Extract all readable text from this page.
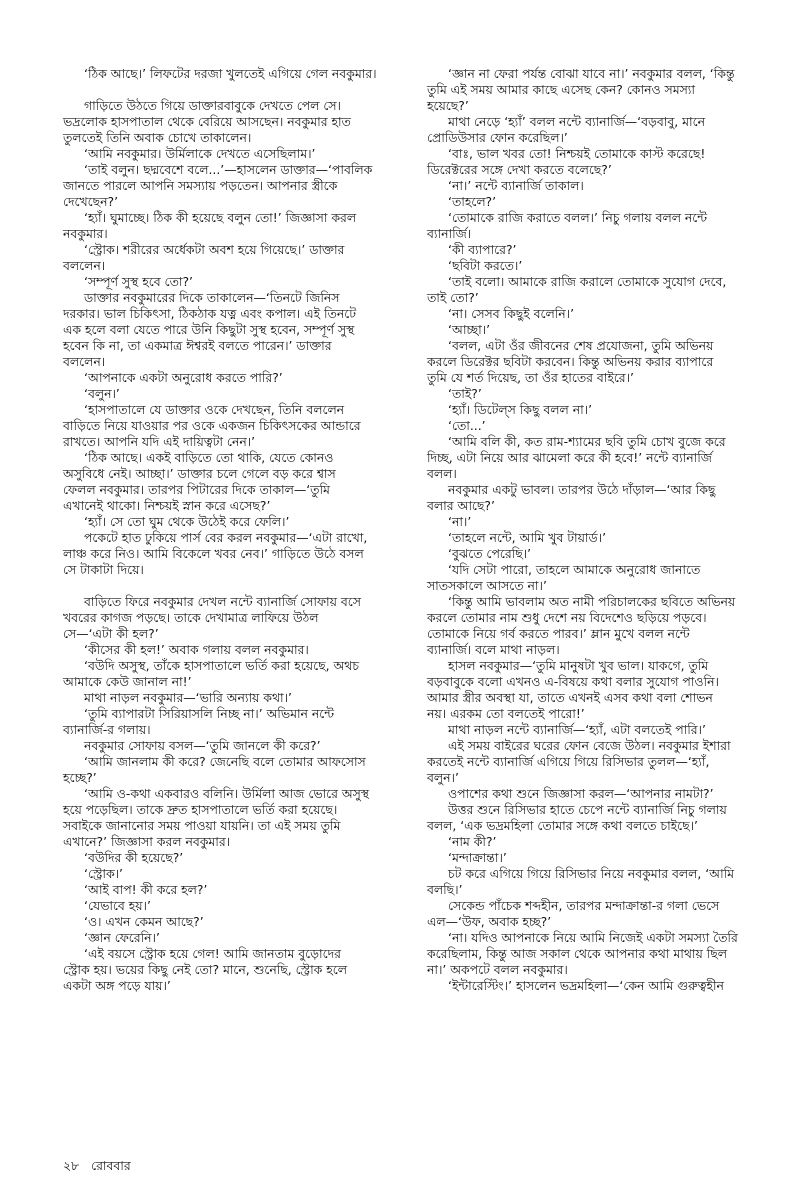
‘ঠিক আছে।’ লিফটের দরজা খুলতেই এগিয়ে গেল নবকুমার।

গাড়িতে উঠতে গিয়ে ডাক্তারবাবুকে দেখতে পেল সে।
ভদ্রলোক হাসপাতাল থেকে বেরিয়ে আসছেন। নবকুমার হাত
তুলতেই তিনি অবাক চোখে তাকালেন।

‘আমি নবকুমার। উর্মিলাকে দেখতে এসেছিলাম।’

‘তাই বলুন। ছদ্মবেশে বলে...’—হাসলেন ডাক্তার—‘পাবলিক
জানতে পারলে আপনি সমস্যায় পড়তেন। আপনার স্ত্রীকে
দেখেছেন?’

‘হ্যাঁ। ঘুমাচ্ছে। ঠিক কী হয়েছে বলুন তো!’ জিজ্ঞাসা করল
নবকুমার।

‘স্ট্রোক। শরীরের অর্ধেকটা অবশ হয়ে গিয়েছে।’ ডাক্তার
বললেন।

‘সম্পূর্ণ সুস্থ হবে তো?’

ডাক্তার নবকুমারের দিকে তাকালেন—‘তিনটে জিনিস
দরকার। ভাল চিকিৎসা, ঠিকঠাক যত্ন এবং কপাল। এই তিনটে
এক হলে বলা যেতে পারে উনি কিছুটা সুস্থ হবেন, সম্পূর্ণ সুস্থ
হবেন কি না, তা একমাত্র ঈশ্বরই বলতে পারেন।’ ডাক্তার
বললেন।

‘আপনাকে একটা অনুরোধ করতে পারি?’

‘বলুন।’

‘হাসপাতালে যে ডাক্তার ওকে দেখছেন, তিনি বললেন
বাড়িতে নিয়ে যাওয়ার পর ওকে একজন চিকিৎসকের আন্ডারে
রাখতে। আপনি যদি এই দায়িত্বটা নেন।’

‘ঠিক আছে। একই বাড়িতে তো থাকি, যেতে কোনও
অসুবিধে নেই। আচ্ছা।’ ডাক্তার চলে গেলে বড় করে শ্বাস
ফেলল নবকুমার। তারপর পিটারের দিকে তাকাল—‘তুমি
এখানেই থাকো। নিশ্চয়ই স্নান করে এসেছ?’

‘হ্যাঁ। সে তো ঘুম থেকে উঠেই করে ফেলি।’

পকেটে হাত ঢুকিয়ে পার্স বের করল নবকুমার—‘এটা রাখো,
লাঞ্চ করে নিও। আমি বিকেলে খবর নেব।’ গাড়িতে উঠে বসল
সে টাকাটা দিয়ে।

বাড়িতে ফিরে নবকুমার দেখল নন্টে ব্যানার্জি সোফায় বসে
খবরের কাগজ পড়ছে। তাকে দেখামাত্র লাফিয়ে উঠল
সে—‘এটা কী হল?’

‘কীসের কী হল!’ অবাক গলায় বলল নবকুমার।

‘বউদি অসুস্থ, তাঁকে হাসপাতালে ভর্তি করা হয়েছে, অথচ
আমাকে কেউ জানাল না!’

মাথা নাড়ল নবকুমার—‘ভারি অন্যায় কথা।’

‘তুমি ব্যাপারটা সিরিয়াসলি নিচ্ছ না।’ অভিমান নন্টে
ব্যানার্জি-র গলায়।

নবকুমার সোফায় বসল—‘তুমি জানলে কী করে?’

‘আমি জানলাম কী করে? জেনেছি বলে তোমার আফসোস
হচ্ছে?’

‘আমি ও-কথা একবারও বলিনি। উর্মিলা আজ ভোরে অসুস্থ
হয়ে পড়েছিল। তাকে দ্রুত হাসপাতালে ভর্তি করা হয়েছে।
সবাইকে জানানোর সময় পাওয়া যায়নি। তা এই সময় তুমি
এখানে?’ জিজ্ঞাসা করল নবকুমার।

‘বউদির কী হয়েছে?’

‘স্ট্রোক।’

‘আই বাপ! কী করে হল?’

‘যেভাবে হয়।’

‘ও। এখন কেমন আছে?’

‘জ্ঞান ফেরেনি।’

‘এই বয়সে স্ট্রোক হয়ে গেল! আমি জানতাম বুড়োদের
স্ট্রোক হয়। ভয়ের কিছু নেই তো? মানে, শুনেছি, স্ট্রোক হলে
একটা অঙ্গ পড়ে যায়।’

‘জ্ঞান না ফেরা পর্যন্ত বোঝা যাবে না।’ নবকুমার বলল, ‘কিন্তু
তুমি এই সময় আমার কাছে এসেছ কেন? কোনও সমস্যা
হয়েছে?’

মাথা নেড়ে ‘হ্যাঁ’ বলল নন্টে ব্যানার্জি—‘বড়বাবু, মানে
প্রোডিউসার ফোন করেছিল।’

‘বাঃ, ভাল খবর তো! নিশ্চয়ই তোমাকে কাস্ট করেছে!
ডিরেক্টরের সঙ্গে দেখা করতে বলেছে?’

‘না।’ নন্টে ব্যানার্জি তাকাল।

‘তাহলে?’

‘তোমাকে রাজি করাতে বলল।’ নিচু গলায় বলল নন্টে
ব্যানার্জি।

‘কী ব্যাপারে?’

‘ছবিটা করতে।’

‘তাই বলো। আমাকে রাজি করালে তোমাকে সুযোগ দেবে,
তাই তো?’

‘না। সেসব কিছুই বলেনি।’

‘আচ্ছা।’

‘বলল, এটা ওঁর জীবনের শেষ প্রযোজনা, তুমি অভিনয়
করলে ডিরেক্টর ছবিটা করবেন। কিন্তু অভিনয় করার ব্যাপারে
তুমি যে শর্ত দিয়েছ, তা ওঁর হাতের বাইরে।’

‘তাই?’

‘হ্যাঁ। ডিটেল্স কিছু বলল না।’

‘তো...’

‘আমি বলি কী, কত রাম-শ্যামের ছবি তুমি চোখ বুজে করে
দিচ্ছ, এটা নিয়ে আর ঝামেলা করে কী হবে!’ নন্টে ব্যানার্জি
বলল।

নবকুমার একটু ভাবল। তারপর উঠে দাঁড়াল—‘আর কিছু
বলার আছে?’

‘না।’

‘তাহলে নন্টে, আমি খুব টায়ার্ড।’

‘বুঝতে পেরেছি।’

‘যদি সেটা পারো, তাহলে আমাকে অনুরোধ জানাতে
সাতসকালে আসতে না।’

‘কিন্তু আমি ভাবলাম অত নামী পরিচালকের ছবিতে অভিনয়
করলে তোমার নাম শুধু দেশে নয় বিদেশেও ছড়িয়ে পড়বে।
তোমাকে নিয়ে গর্ব করতে পারব।’ ম্লান মুখে বলল নন্টে
ব্যানার্জি। বলে মাথা নাড়ল।

হাসল নবকুমার—‘তুমি মানুষটা খুব ভাল। যাকগে, তুমি
বড়বাবুকে বলো এখনও এ-বিষয়ে কথা বলার সুযোগ পাওনি।
আমার স্ত্রীর অবস্থা যা, তাতে এখনই এসব কথা বলা শোভন
নয়। এরকম তো বলতেই পারো!’

মাথা নাড়ল নন্টে ব্যানার্জি—‘হ্যাঁ, এটা বলতেই পারি।’

এই সময় বাইরের ঘরের ফোন বেজে উঠল। নবকুমার ইশারা
করতেই নন্টে ব্যানার্জি এগিয়ে গিয়ে রিসিভার তুলল—‘হ্যাঁ,
বলুন।’

ওপাশের কথা শুনে জিজ্ঞাসা করল—‘আপনার নামটা?’

উত্তর শুনে রিসিভার হাতে চেপে নন্টে ব্যানার্জি নিচু গলায়
বলল, ‘এক ভদ্রমহিলা তোমার সঙ্গে কথা বলতে চাইছে।’

‘নাম কী?’

‘মন্দাক্রান্তা।’

চট করে এগিয়ে গিয়ে রিসিভার নিয়ে নবকুমার বলল, ‘আমি
বলছি।’

সেকেন্ড পাঁচেক শব্দহীন, তারপর মন্দাক্রান্তা-র গলা ভেসে
এল—‘উফ, অবাক হচ্ছ?’

‘না। যদিও আপনাকে নিয়ে আমি নিজেই একটা সমস্যা তৈরি
করেছিলাম, কিন্তু আজ সকাল থেকে আপনার কথা মাথায় ছিল
না।’ অকপটে বলল নবকুমার।

‘ইন্টারেস্টিং।’ হাসলেন ভদ্রমহিলা—‘কেন আমি গুরুত্বহীন

২৮ রোববার
